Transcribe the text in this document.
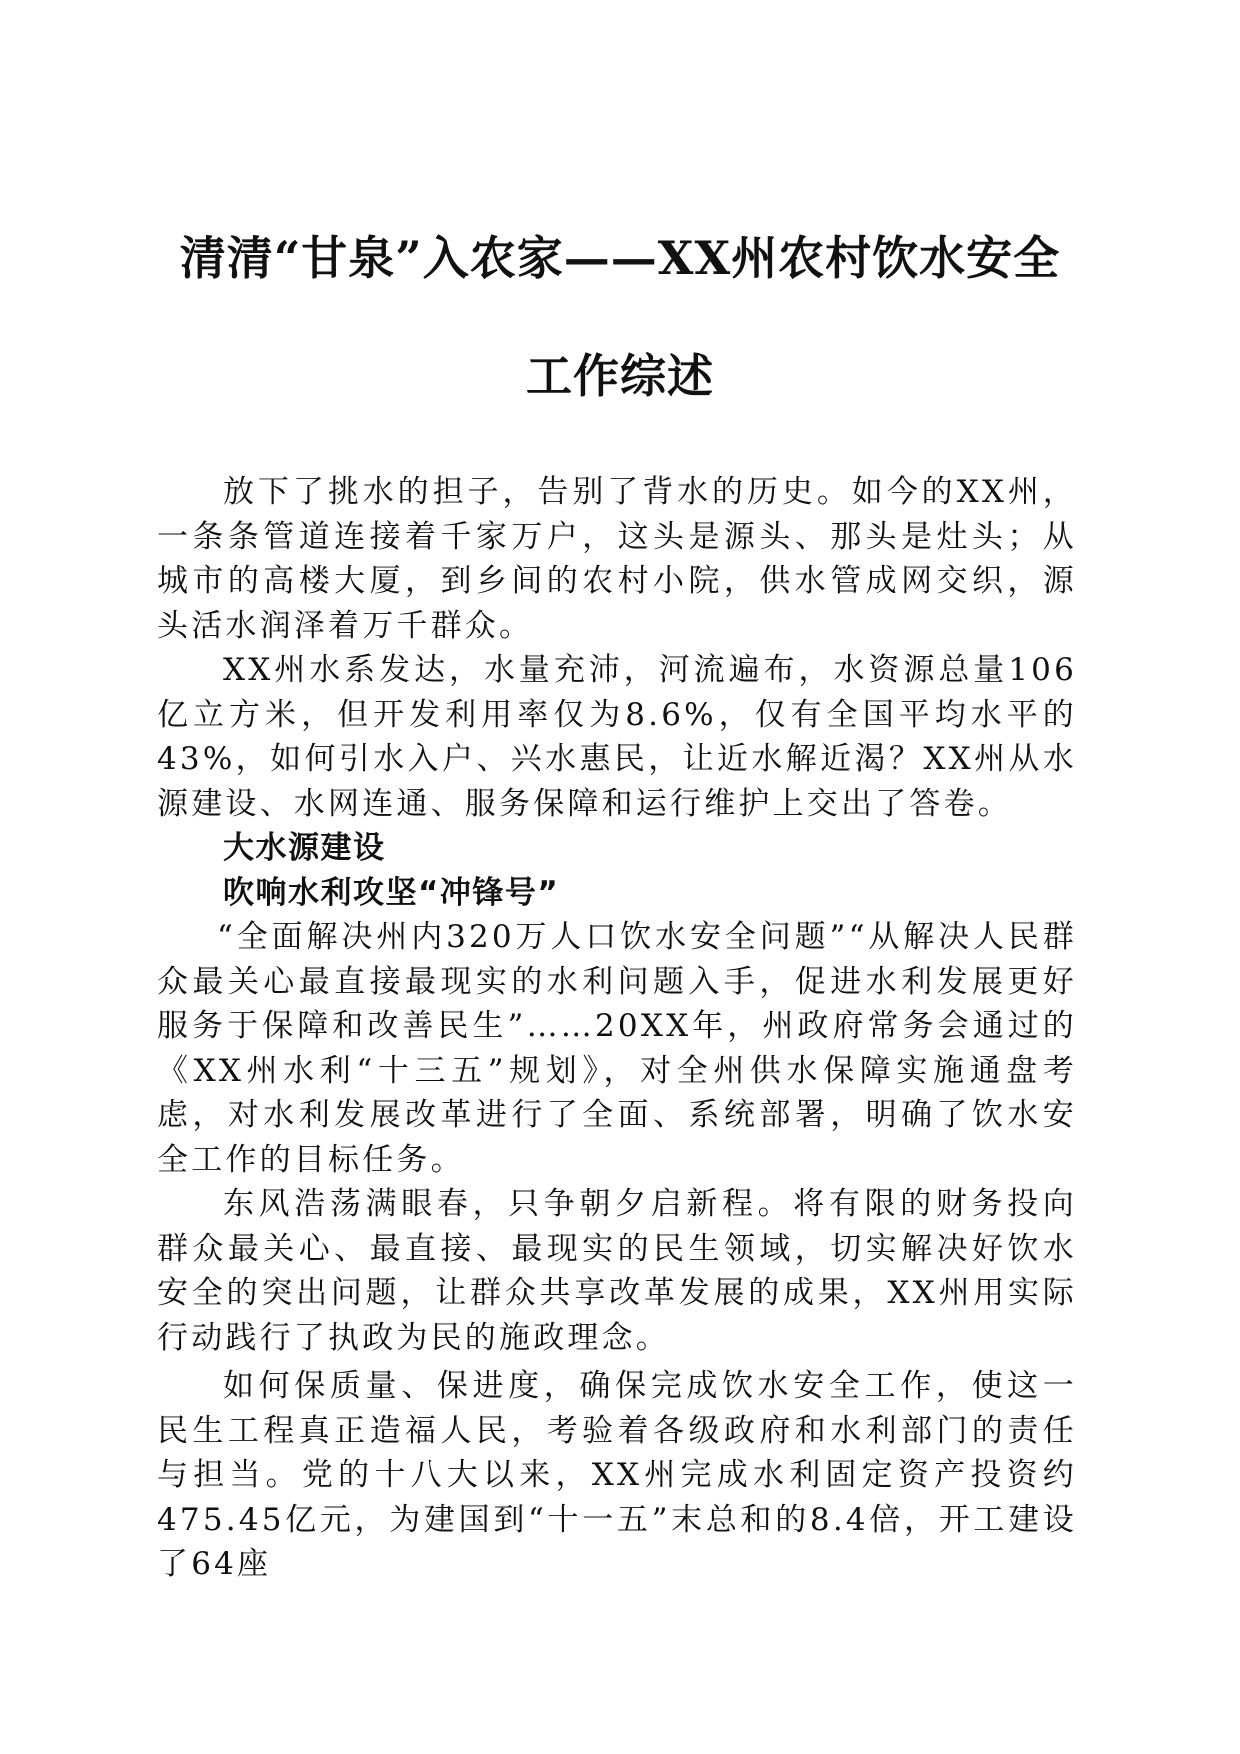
清清“甘泉”入农家——XX州农村饮水安全
工作综述

放下了挑水的担子，告别了背水的历史。如今的XX州，一条条管道连接着千家万户，这头是源头、那头是灶头；从城市的高楼大厦，到乡间的农村小院，供水管成网交织，源头活水润泽着万千群众。

XX州水系发达，水量充沛，河流遍布，水资源总量106亿立方米，但开发利用率仅为8.6%，仅有全国平均水平的43%，如何引水入户、兴水惠民，让近水解近渴？XX州从水源建设、水网连通、服务保障和运行维护上交出了答卷。

大水源建设

吹响水利攻坚“冲锋号”

“全面解决州内320万人口饮水安全问题”“从解决人民群众最关心最直接最现实的水利问题入手，促进水利发展更好服务于保障和改善民生”……20XX年，州政府常务会通过的《XX州水利“十三五”规划》，对全州供水保障实施通盘考虑，对水利发展改革进行了全面、系统部署，明确了饮水安全工作的目标任务。

东风浩荡满眼春，只争朝夕启新程。将有限的财务投向群众最关心、最直接、最现实的民生领域，切实解决好饮水安全的突出问题，让群众共享改革发展的成果，XX州用实际行动践行了执政为民的施政理念。

如何保质量、保进度，确保完成饮水安全工作，使这一民生工程真正造福人民，考验着各级政府和水利部门的责任与担当。党的十八大以来，XX州完成水利固定资产投资约475.45亿元，为建国到“十一五”末总和的8.4倍，开工建设了64座
